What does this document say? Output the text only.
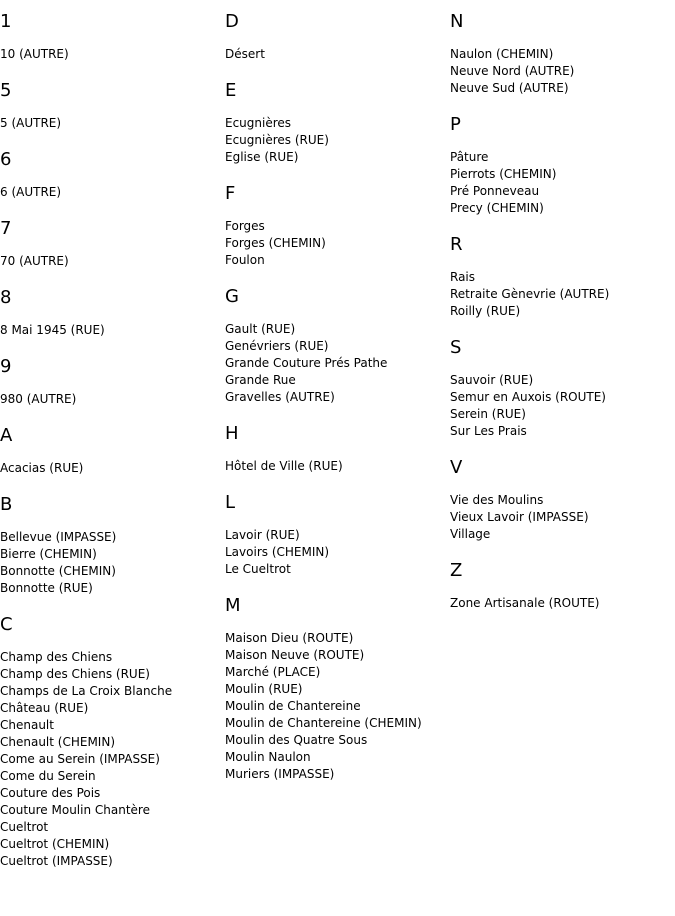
1
10 (AUTRE)
5
5 (AUTRE)
6
6 (AUTRE)
7
70 (AUTRE)
8
8 Mai 1945 (RUE)
9
980 (AUTRE)
A
Acacias (RUE)
B
Bellevue (IMPASSE)
Bierre (CHEMIN)
Bonnotte (CHEMIN)
Bonnotte (RUE)
C
Champ des Chiens
Champ des Chiens (RUE)
Champs de La Croix Blanche
Château (RUE)
Chenault
Chenault (CHEMIN)
Come au Serein (IMPASSE)
Come du Serein
Couture des Pois
Couture Moulin Chantère
Cueltrot
Cueltrot (CHEMIN)
Cueltrot (IMPASSE)
D
Désert
E
Ecugnières
Ecugnières (RUE)
Eglise (RUE)
F
Forges
Forges (CHEMIN)
Foulon
G
Gault (RUE)
Genévriers (RUE)
Grande Couture Prés Pathe
Grande Rue
Gravelles (AUTRE)
H
Hôtel de Ville (RUE)
L
Lavoir (RUE)
Lavoirs (CHEMIN)
Le Cueltrot
M
Maison Dieu (ROUTE)
Maison Neuve (ROUTE)
Marché (PLACE)
Moulin (RUE)
Moulin de Chantereine
Moulin de Chantereine (CHEMIN)
Moulin des Quatre Sous
Moulin Naulon
Muriers (IMPASSE)
N
Naulon (CHEMIN)
Neuve Nord (AUTRE)
Neuve Sud (AUTRE)
P
Pâture
Pierrots (CHEMIN)
Pré Ponneveau
Precy (CHEMIN)
R
Rais
Retraite Gènevrie (AUTRE)
Roilly (RUE)
S
Sauvoir (RUE)
Semur en Auxois (ROUTE)
Serein (RUE)
Sur Les Prais
V
Vie des Moulins
Vieux Lavoir (IMPASSE)
Village
Z
Zone Artisanale (ROUTE)
